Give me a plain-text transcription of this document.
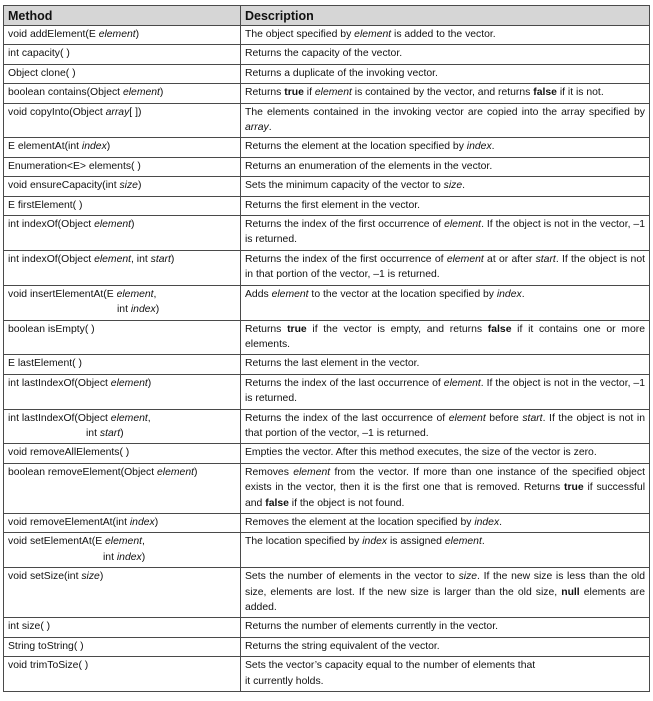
Method	Description
void addElement(E element)	The object specified by element is added to the vector.
int capacity( )	Returns the capacity of the vector.
Object clone( )	Returns a duplicate of the invoking vector.
boolean contains(Object element)	Returns true if element is contained by the vector, and returns false if it is not.
void copyInto(Object array[ ])	The elements contained in the invoking vector are copied into the array specified by array.
E elementAt(int index)	Returns the element at the location specified by index.
Enumeration<E> elements( )	Returns an enumeration of the elements in the vector.
void ensureCapacity(int size)	Sets the minimum capacity of the vector to size.
E firstElement( )	Returns the first element in the vector.
int indexOf(Object element)	Returns the index of the first occurrence of element. If the object is not in the vector, –1 is returned.
int indexOf(Object element, int start)	Returns the index of the first occurrence of element at or after start. If the object is not in that portion of the vector, –1 is returned.
void insertElementAt(E element,
int index)	Adds element to the vector at the location specified by index.
boolean isEmpty( )	Returns true if the vector is empty, and returns false if it contains one or more elements.
E lastElement( )	Returns the last element in the vector.
int lastIndexOf(Object element)	Returns the index of the last occurrence of element. If the object is not in the vector, –1 is returned.
int lastIndexOf(Object element,
int start)	Returns the index of the last occurrence of element before start. If the object is not in that portion of the vector, –1 is returned.
void removeAllElements( )	Empties the vector. After this method executes, the size of the vector is zero.
boolean removeElement(Object element)	Removes element from the vector. If more than one instance of the specified object exists in the vector, then it is the first one that is removed. Returns true if successful and false if the object is not found.
void removeElementAt(int index)	Removes the element at the location specified by index.
void setElementAt(E element,
int index)	The location specified by index is assigned element.
void setSize(int size)	Sets the number of elements in the vector to size. If the new size is less than the old size, elements are lost. If the new size is larger than the old size, null elements are added.
int size( )	Returns the number of elements currently in the vector.
String toString( )	Returns the string equivalent of the vector.
void trimToSize( )	Sets the vector’s capacity equal to the number of elements that
it currently holds.
